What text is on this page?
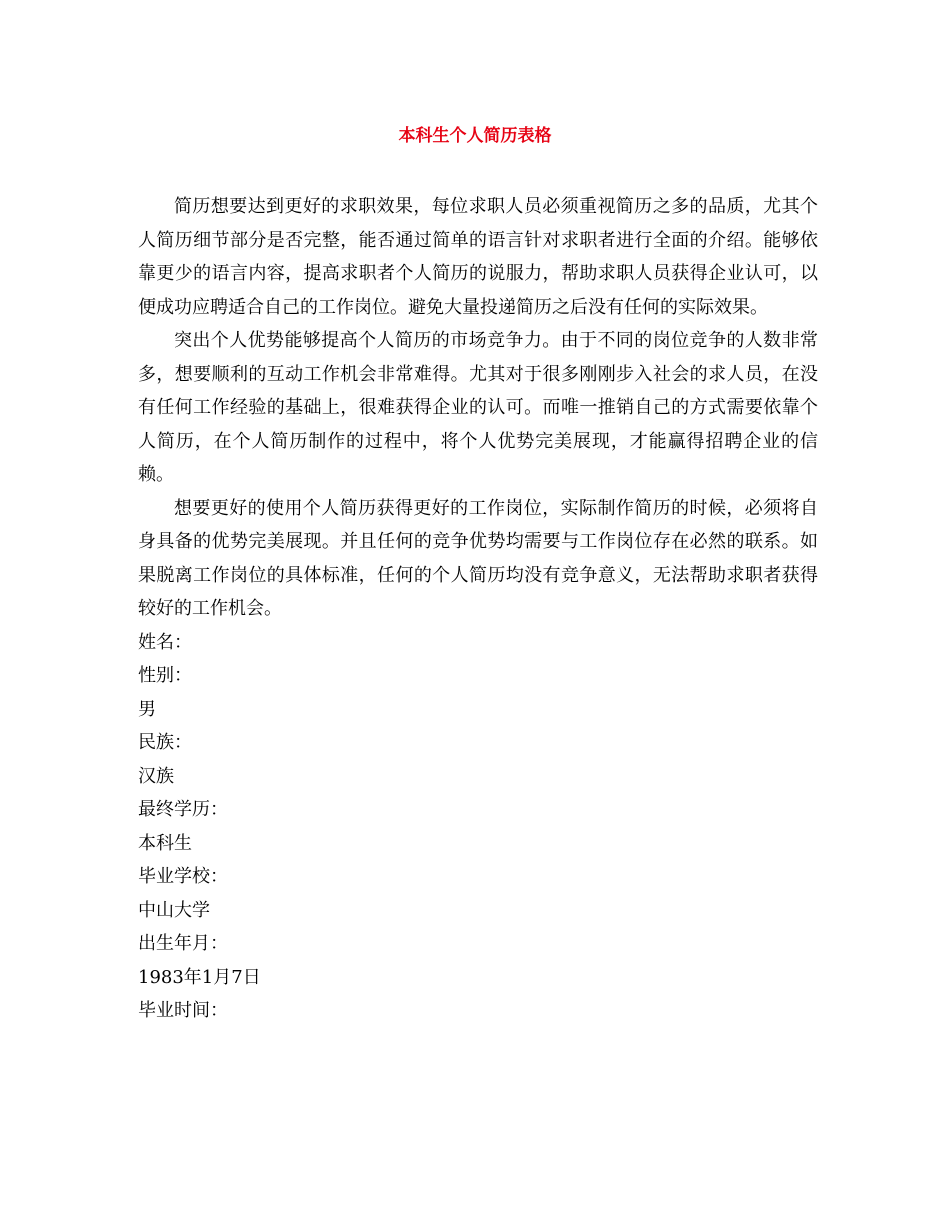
本科生个人简历表格

简历想要达到更好的求职效果，每位求职人员必须重视简历之多的品质，尤其个人简历细节部分是否完整，能否通过简单的语言针对求职者进行全面的介绍。能够依靠更少的语言内容，提高求职者个人简历的说服力，帮助求职人员获得企业认可，以便成功应聘适合自己的工作岗位。避免大量投递简历之后没有任何的实际效果。

突出个人优势能够提高个人简历的市场竞争力。由于不同的岗位竞争的人数非常多，想要顺利的互动工作机会非常难得。尤其对于很多刚刚步入社会的求人员，在没有任何工作经验的基础上，很难获得企业的认可。而唯一推销自己的方式需要依靠个人简历，在个人简历制作的过程中，将个人优势完美展现，才能赢得招聘企业的信赖。

想要更好的使用个人简历获得更好的工作岗位，实际制作简历的时候，必须将自身具备的优势完美展现。并且任何的竞争优势均需要与工作岗位存在必然的联系。如果脱离工作岗位的具体标准，任何的个人简历均没有竞争意义，无法帮助求职者获得较好的工作机会。

姓名：

性别：

男

民族：

汉族

最终学历：

本科生

毕业学校：

中山大学

出生年月：

1983年1月7日

毕业时间：
